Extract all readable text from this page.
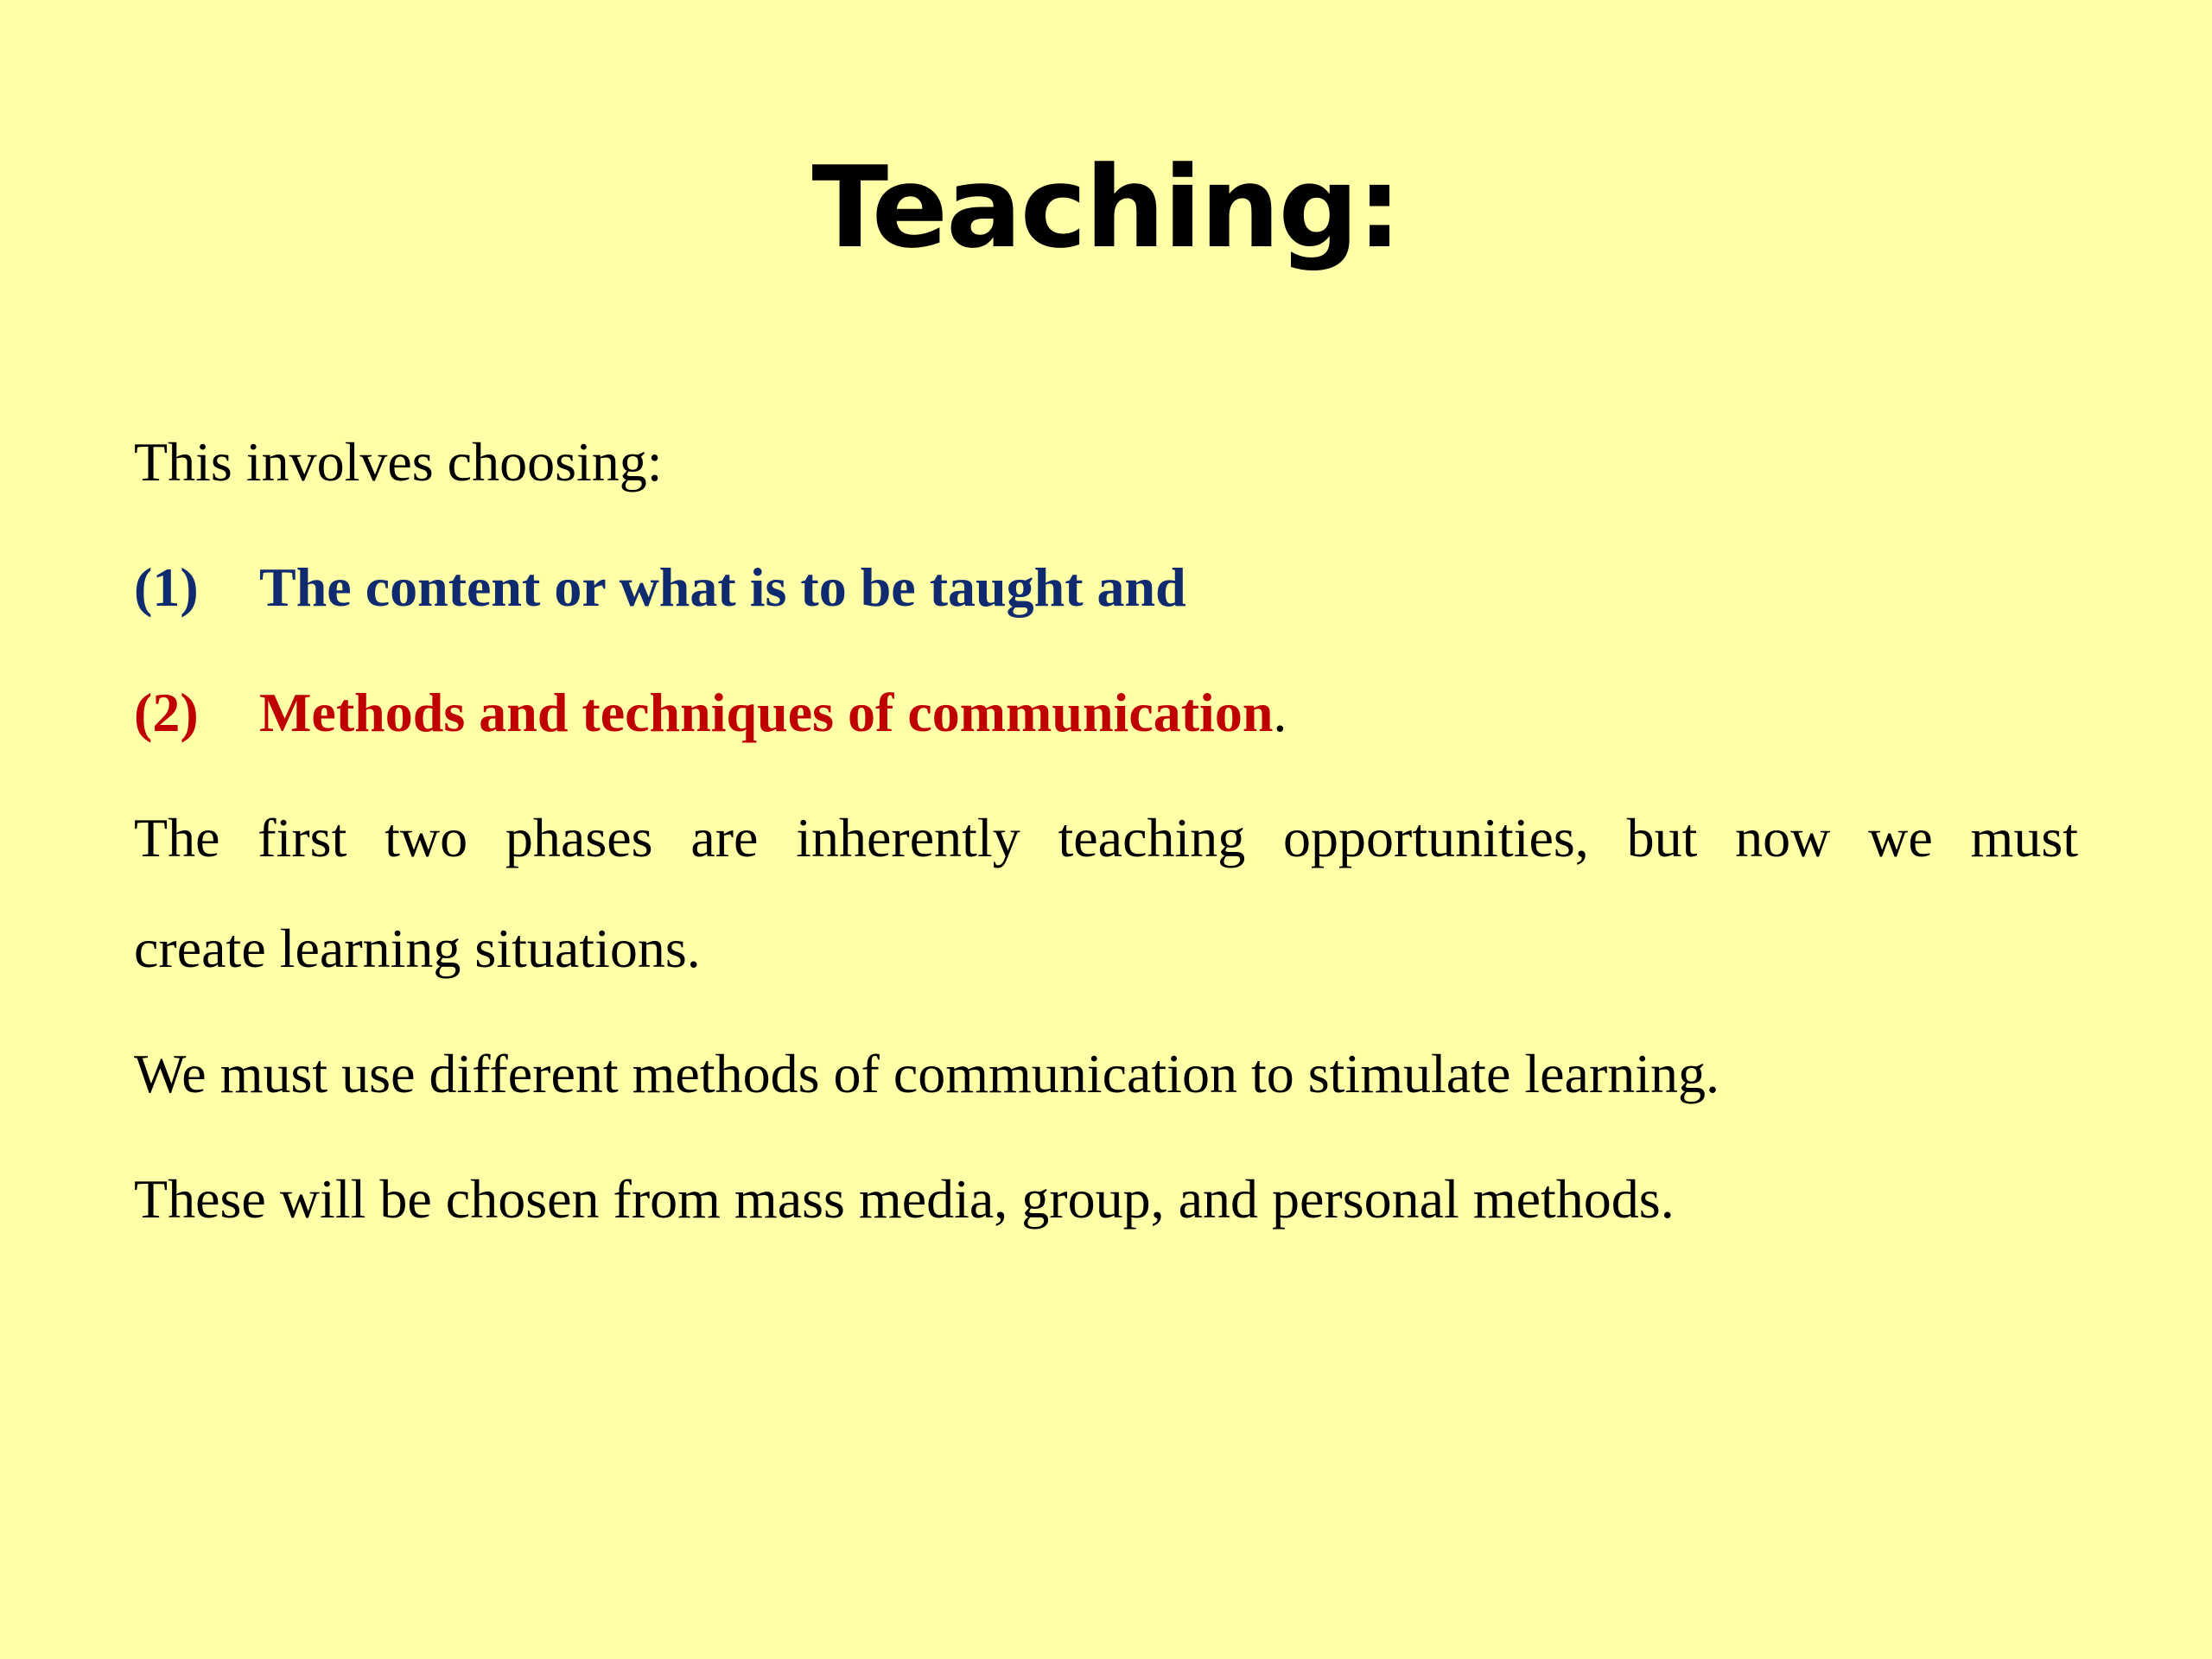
Teaching:
This involves choosing:
(1) The content or what is to be taught and
(2) Methods and techniques of communication.
The first two phases are inherently teaching opportunities, but now we must
create learning situations.
We must use different methods of communication to stimulate learning.
These will be chosen from mass media, group, and personal methods.
